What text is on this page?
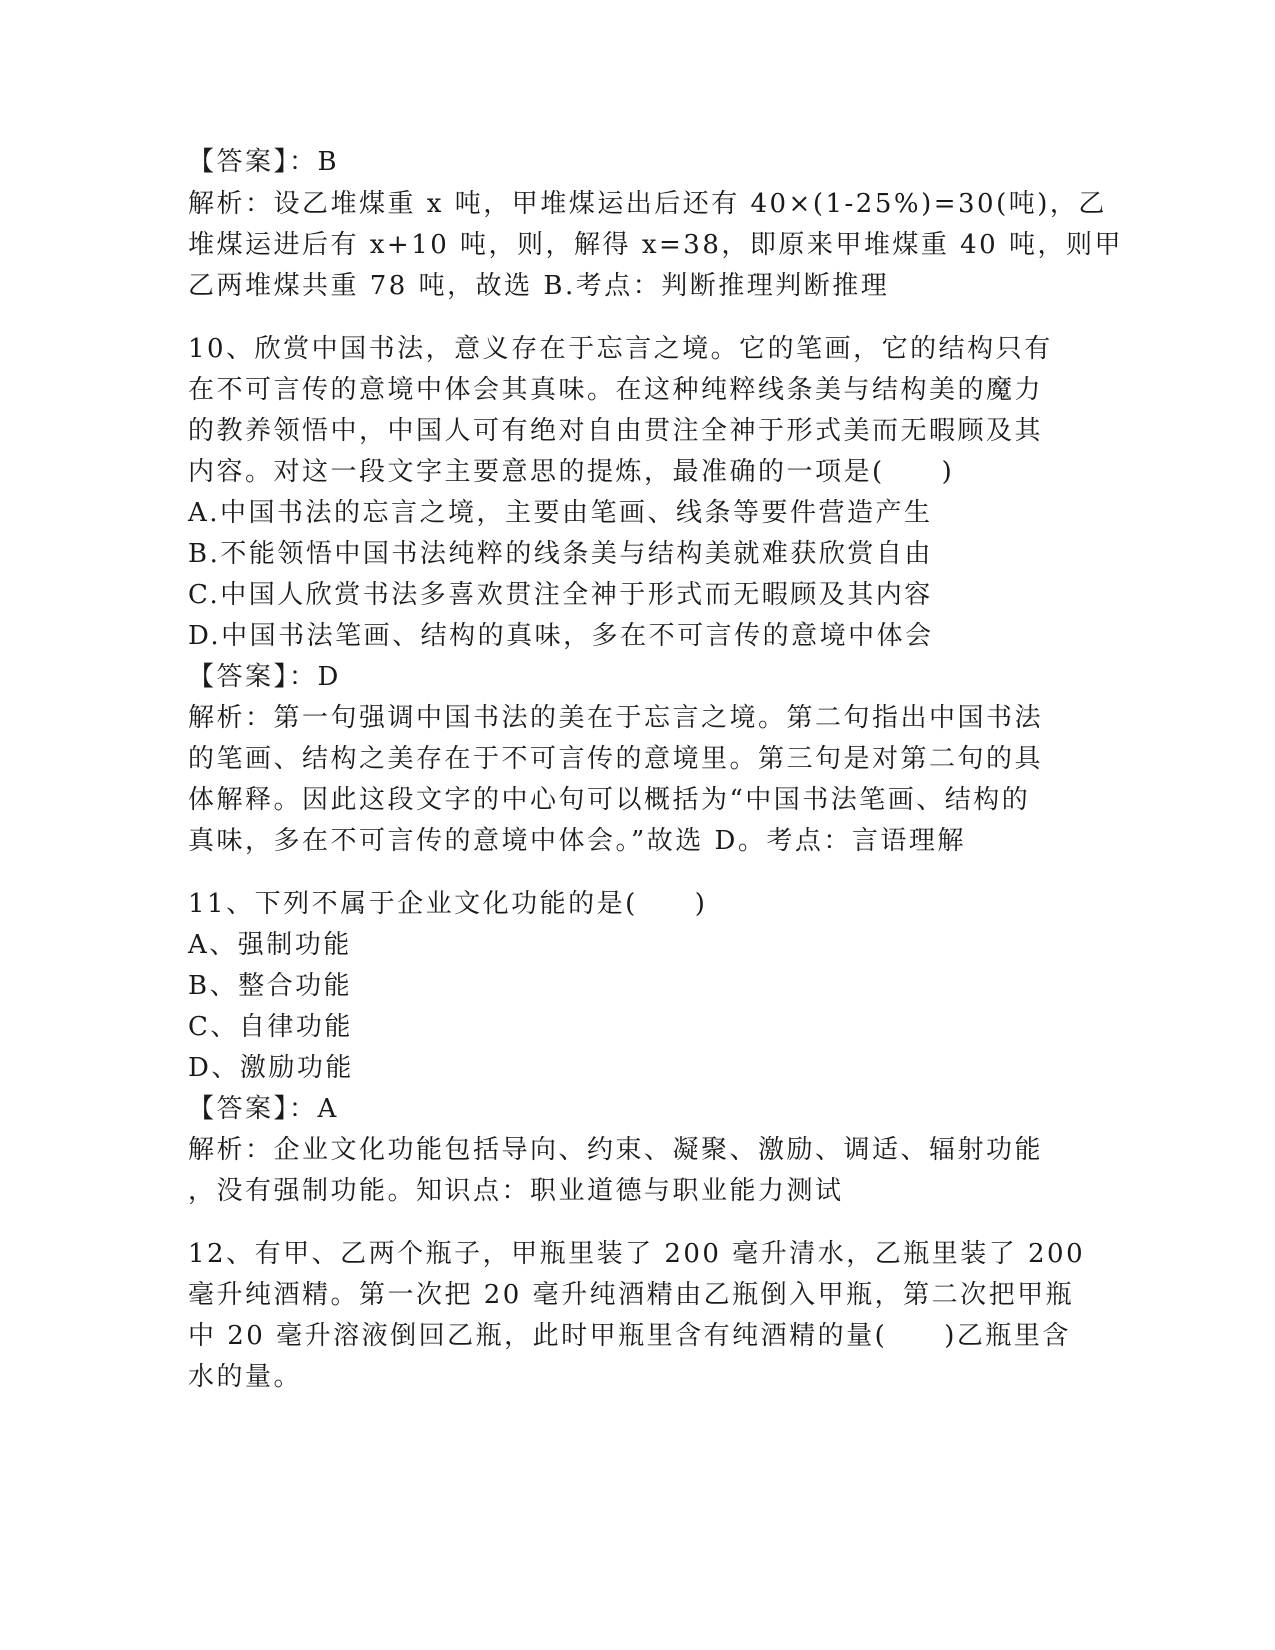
【答案】：B
解析：设乙堆煤重 x 吨，甲堆煤运出后还有 40×(1-25%)=30(吨)，乙
堆煤运进后有 x+10 吨，则，解得 x=38，即原来甲堆煤重 40 吨，则甲
乙两堆煤共重 78 吨，故选 B.考点：判断推理判断推理
10、欣赏中国书法，意义存在于忘言之境。它的笔画，它的结构只有
在不可言传的意境中体会其真味。在这种纯粹线条美与结构美的魔力
的教养领悟中，中国人可有绝对自由贯注全神于形式美而无暇顾及其
内容。对这一段文字主要意思的提炼，最准确的一项是(　　)
A.中国书法的忘言之境，主要由笔画、线条等要件营造产生
B.不能领悟中国书法纯粹的线条美与结构美就难获欣赏自由
C.中国人欣赏书法多喜欢贯注全神于形式而无暇顾及其内容
D.中国书法笔画、结构的真味，多在不可言传的意境中体会
【答案】：D
解析：第一句强调中国书法的美在于忘言之境。第二句指出中国书法
的笔画、结构之美存在于不可言传的意境里。第三句是对第二句的具
体解释。因此这段文字的中心句可以概括为“中国书法笔画、结构的
真味，多在不可言传的意境中体会。”故选 D。考点：言语理解
11、下列不属于企业文化功能的是(　　)
A、强制功能
B、整合功能
C、自律功能
D、激励功能
【答案】：A
解析：企业文化功能包括导向、约束、凝聚、激励、调适、辐射功能
，没有强制功能。知识点：职业道德与职业能力测试
12、有甲、乙两个瓶子，甲瓶里装了 200 毫升清水，乙瓶里装了 200
毫升纯酒精。第一次把 20 毫升纯酒精由乙瓶倒入甲瓶，第二次把甲瓶
中 20 毫升溶液倒回乙瓶，此时甲瓶里含有纯酒精的量(　　)乙瓶里含
水的量。
